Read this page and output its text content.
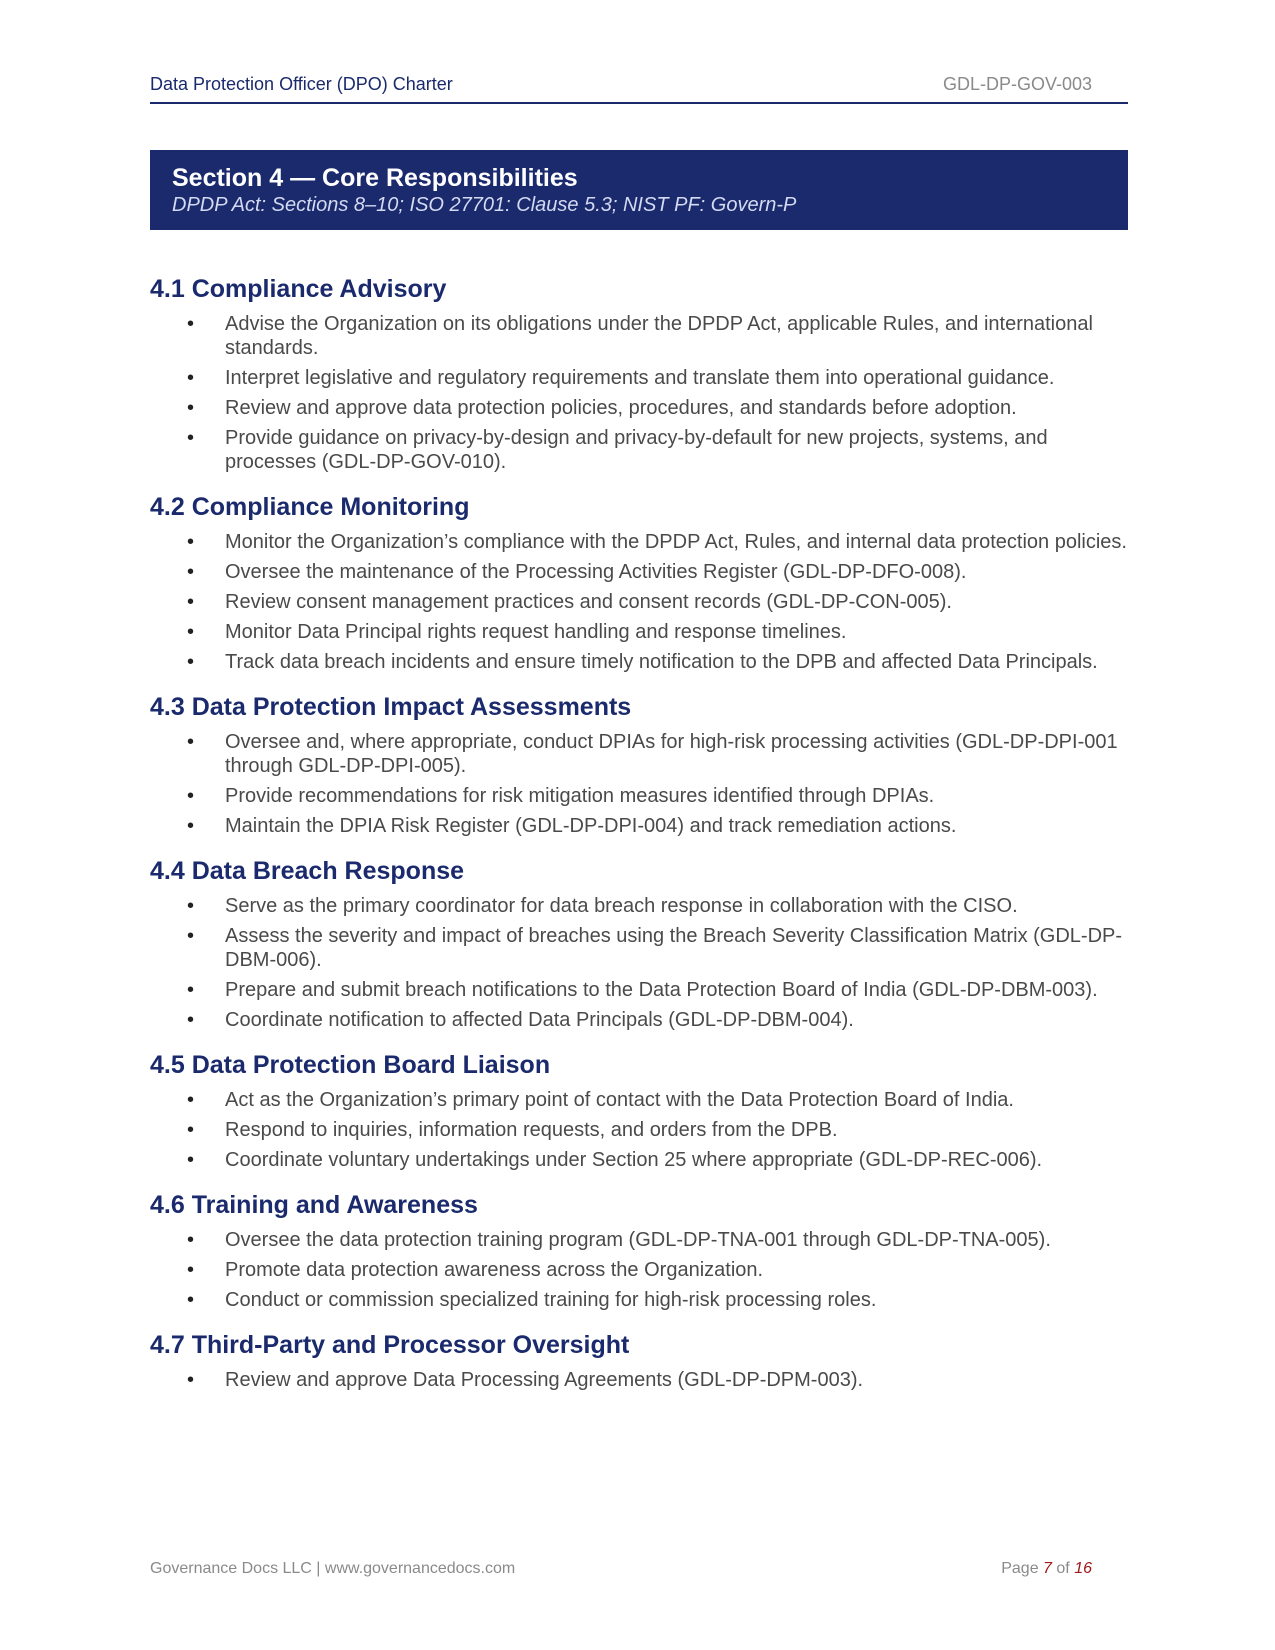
Data Protection Officer (DPO) Charter	GDL-DP-GOV-003
Section 4 — Core Responsibilities
DPDP Act: Sections 8–10; ISO 27701: Clause 5.3; NIST PF: Govern-P
4.1 Compliance Advisory
• Advise the Organization on its obligations under the DPDP Act, applicable Rules, and international standards.
• Interpret legislative and regulatory requirements and translate them into operational guidance.
• Review and approve data protection policies, procedures, and standards before adoption.
• Provide guidance on privacy-by-design and privacy-by-default for new projects, systems, and processes (GDL-DP-GOV-010).
4.2 Compliance Monitoring
• Monitor the Organization’s compliance with the DPDP Act, Rules, and internal data protection policies.
• Oversee the maintenance of the Processing Activities Register (GDL-DP-DFO-008).
• Review consent management practices and consent records (GDL-DP-CON-005).
• Monitor Data Principal rights request handling and response timelines.
• Track data breach incidents and ensure timely notification to the DPB and affected Data Principals.
4.3 Data Protection Impact Assessments
• Oversee and, where appropriate, conduct DPIAs for high-risk processing activities (GDL-DP-DPI-001 through GDL-DP-DPI-005).
• Provide recommendations for risk mitigation measures identified through DPIAs.
• Maintain the DPIA Risk Register (GDL-DP-DPI-004) and track remediation actions.
4.4 Data Breach Response
• Serve as the primary coordinator for data breach response in collaboration with the CISO.
• Assess the severity and impact of breaches using the Breach Severity Classification Matrix (GDL-DP-DBM-006).
• Prepare and submit breach notifications to the Data Protection Board of India (GDL-DP-DBM-003).
• Coordinate notification to affected Data Principals (GDL-DP-DBM-004).
4.5 Data Protection Board Liaison
• Act as the Organization’s primary point of contact with the Data Protection Board of India.
• Respond to inquiries, information requests, and orders from the DPB.
• Coordinate voluntary undertakings under Section 25 where appropriate (GDL-DP-REC-006).
4.6 Training and Awareness
• Oversee the data protection training program (GDL-DP-TNA-001 through GDL-DP-TNA-005).
• Promote data protection awareness across the Organization.
• Conduct or commission specialized training for high-risk processing roles.
4.7 Third-Party and Processor Oversight
• Review and approve Data Processing Agreements (GDL-DP-DPM-003).
Governance Docs LLC | www.governancedocs.com	Page 7 of 16
